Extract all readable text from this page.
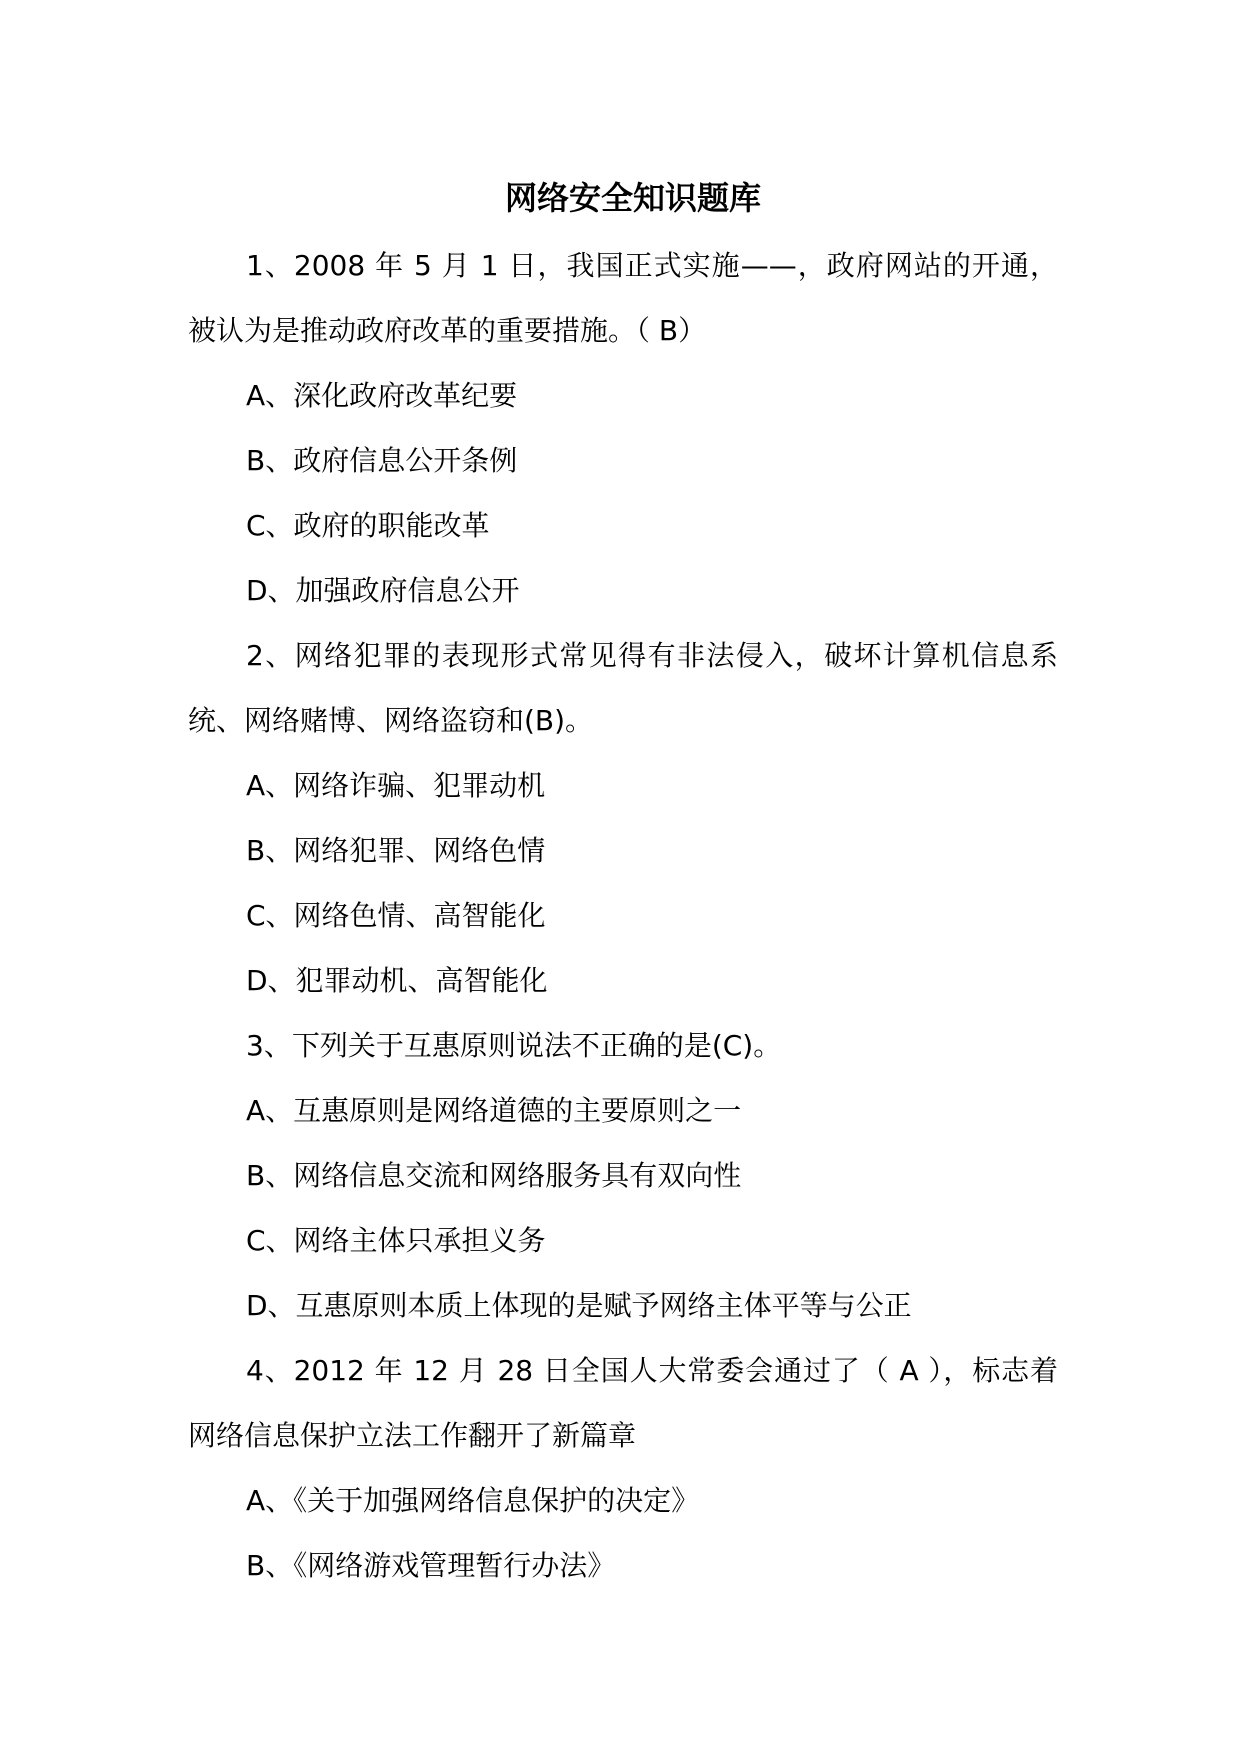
网络安全知识题库

1、2008 年 5 月 1 日，我国正式实施——，政府网站的开通，被认为是推动政府改革的重要措施。（ B）

A、深化政府改革纪要

B、政府信息公开条例

C、政府的职能改革

D、加强政府信息公开

2、网络犯罪的表现形式常见得有非法侵入，破坏计算机信息系统、网络赌博、网络盗窃和(B)。

A、网络诈骗、犯罪动机

B、网络犯罪、网络色情

C、网络色情、高智能化

D、犯罪动机、高智能化

3、下列关于互惠原则说法不正确的是(C)。

A、互惠原则是网络道德的主要原则之一

B、网络信息交流和网络服务具有双向性

C、网络主体只承担义务

D、互惠原则本质上体现的是赋予网络主体平等与公正

4、2012 年 12 月 28 日全国人大常委会通过了（ A ），标志着网络信息保护立法工作翻开了新篇章

A、《关于加强网络信息保护的决定》

B、《网络游戏管理暂行办法》
